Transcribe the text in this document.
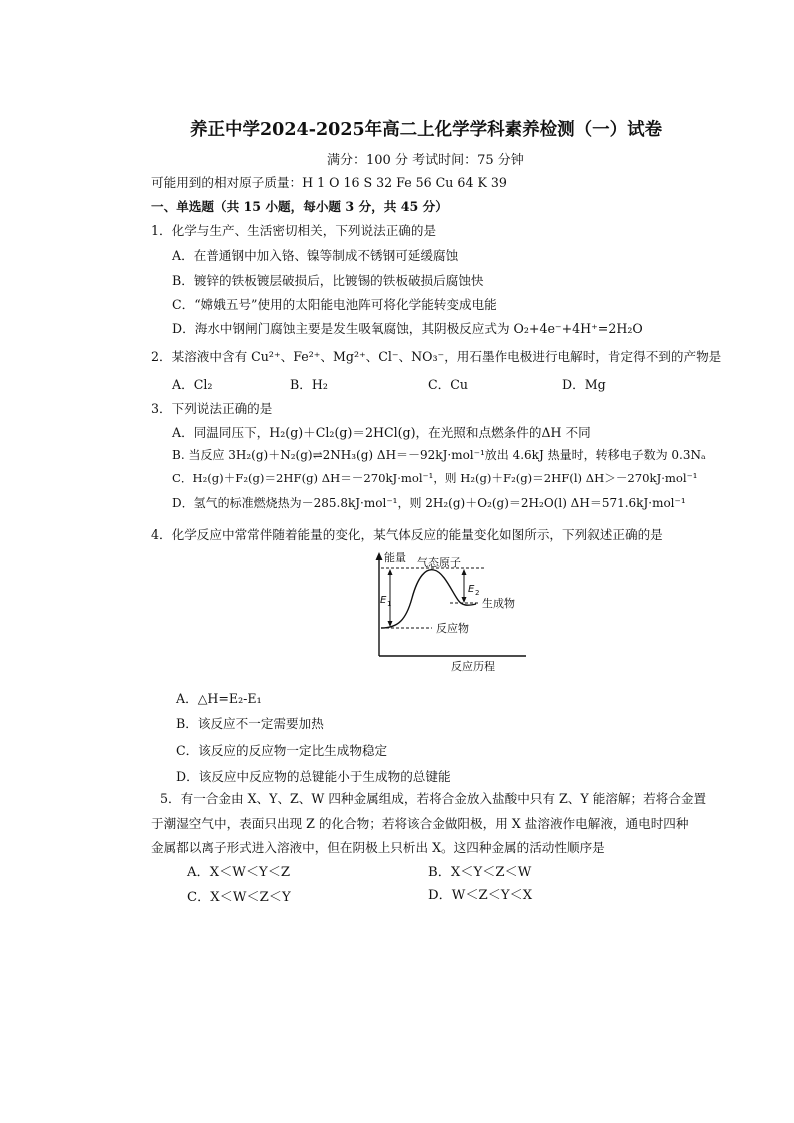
养正中学2024-2025年高二上化学学科素养检测（一）试卷
满分：100 分 考试时间：75 分钟
可能用到的相对原子质量：H 1 O 16 S 32 Fe 56 Cu 64 K 39
一、单选题（共 15 小题，每小题 3 分，共 45 分）
1．化学与生产、生活密切相关，下列说法正确的是
A．在普通钢中加入铬、镍等制成不锈钢可延缓腐蚀
B．镀锌的铁板镀层破损后，比镀锡的铁板破损后腐蚀快
C．“嫦娥五号”使用的太阳能电池阵可将化学能转变成电能
D．海水中钢闸门腐蚀主要是发生吸氧腐蚀，其阴极反应式为 O₂+4e⁻+4H⁺=2H₂O
2．某溶液中含有 Cu²⁺、Fe²⁺、Mg²⁺、Cl⁻、NO₃⁻，用石墨作电极进行电解时，肯定得不到的产物是
A．Cl₂	B．H₂	C．Cu	D．Mg
3．下列说法正确的是
A．同温同压下，H₂(g)＋Cl₂(g)＝2HCl(g)，在光照和点燃条件的ΔH 不同
B. 当反应 3H₂(g)＋N₂(g)⇌2NH₃(g) ΔH＝－92kJ·mol⁻¹放出 4.6kJ 热量时，转移电子数为 0.3Nₐ
C．H₂(g)＋F₂(g)＝2HF(g) ΔH＝－270kJ·mol⁻¹，则 H₂(g)＋F₂(g)＝2HF(l) ΔH＞－270kJ·mol⁻¹
D．氢气的标准燃烧热为－285.8kJ·mol⁻¹，则 2H₂(g)＋O₂(g)＝2H₂O(l) ΔH＝571.6kJ·mol⁻¹
4．化学反应中常常伴随着能量的变化，某气体反应的能量变化如图所示，下列叙述正确的是
能量 气态原子
E 1
E 2
生成物
反应物
反应历程
A．△H=E₂-E₁
B．该反应不一定需要加热
C．该反应的反应物一定比生成物稳定
D．该反应中反应物的总键能小于生成物的总键能
5．有一合金由 X、Y、Z、W 四种金属组成，若将合金放入盐酸中只有 Z、Y 能溶解；若将合金置
于潮湿空气中，表面只出现 Z 的化合物；若将该合金做阳极，用 X 盐溶液作电解液，通电时四种
金属都以离子形式进入溶液中，但在阴极上只析出 X。这四种金属的活动性顺序是
A．X＜W＜Y＜Z	B．X＜Y＜Z＜W
C．X＜W＜Z＜Y	D．W＜Z＜Y＜X
